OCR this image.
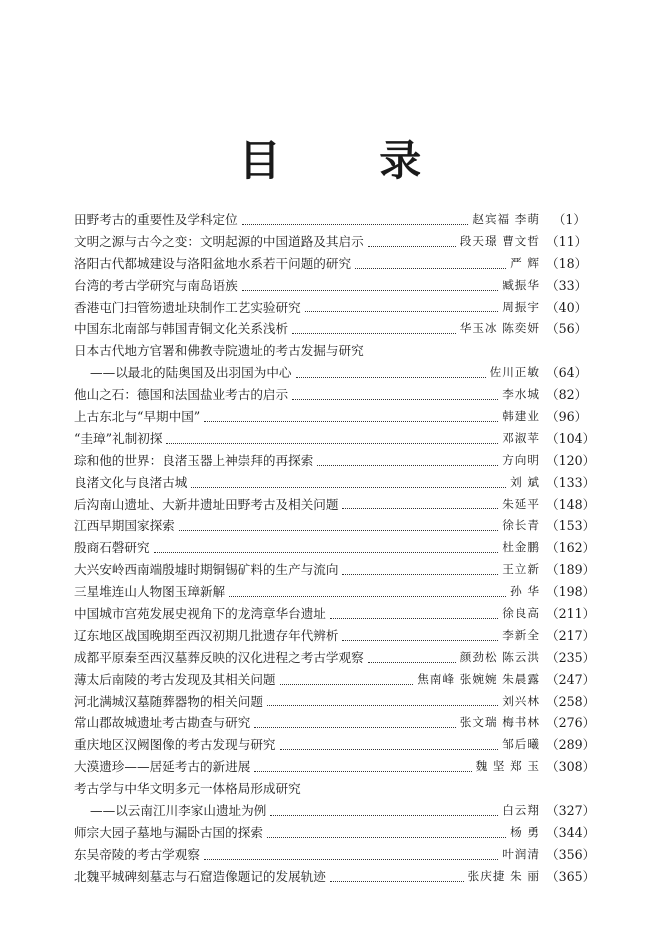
目 录
田野考古的重要性及学科定位	赵宾福 李萌	（1）
文明之源与古今之变：文明起源的中国道路及其启示	段天璟 曹文哲 （11）
洛阳古代都城建设与洛阳盆地水系若干问题的研究	严 辉 （18）
台湾的考古学研究与南岛语族	臧振华 （33）
香港屯门扫管笏遗址玦制作工艺实验研究	周振宇 （40）
中国东北南部与韩国青铜文化关系浅析	华玉冰 陈奕妍 （56）
日本古代地方官署和佛教寺院遗址的考古发掘与研究
——以最北的陆奥国及出羽国为中心	佐川正敏 （64）
他山之石：德国和法国盐业考古的启示	李水城 （82）
上古东北与“早期中国”	韩建业 （96）
“圭璋”礼制初探	邓淑苹 （104）
琮和他的世界：良渚玉器上神崇拜的再探索	方向明 （120）
良渚文化与良渚古城	刘 斌 （133）
后沟南山遗址、大新井遗址田野考古及相关问题	朱延平 （148）
江西早期国家探索	徐长青 （153）
殷商石磬研究	杜金鹏 （162）
大兴安岭西南端殷墟时期铜锡矿料的生产与流向	王立新 （189）
三星堆连山人物图玉璋新解	孙 华 （198）
中国城市宫苑发展史视角下的龙湾章华台遗址	徐良高 （211）
辽东地区战国晚期至西汉初期几批遗存年代辨析	李新全 （217）
成都平原秦至西汉墓葬反映的汉化进程之考古学观察	颜劲松 陈云洪 （235）
薄太后南陵的考古发现及其相关问题	焦南峰 张婉婉 朱晨露 （247）
河北满城汉墓随葬器物的相关问题	刘兴林 （258）
常山郡故城遗址考古勘查与研究	张文瑞 梅书林 （276）
重庆地区汉阙图像的考古发现与研究	邹后曦 （289）
大漠遗珍——居延考古的新进展	魏 坚 郑 玉 （308）
考古学与中华文明多元一体格局形成研究
——以云南江川李家山遗址为例	白云翔 （327）
师宗大园子墓地与漏卧古国的探索	杨 勇 （344）
东吴帝陵的考古学观察	叶润清 （356）
北魏平城碑刻墓志与石窟造像题记的发展轨迹	张庆捷 朱 丽 （365）
